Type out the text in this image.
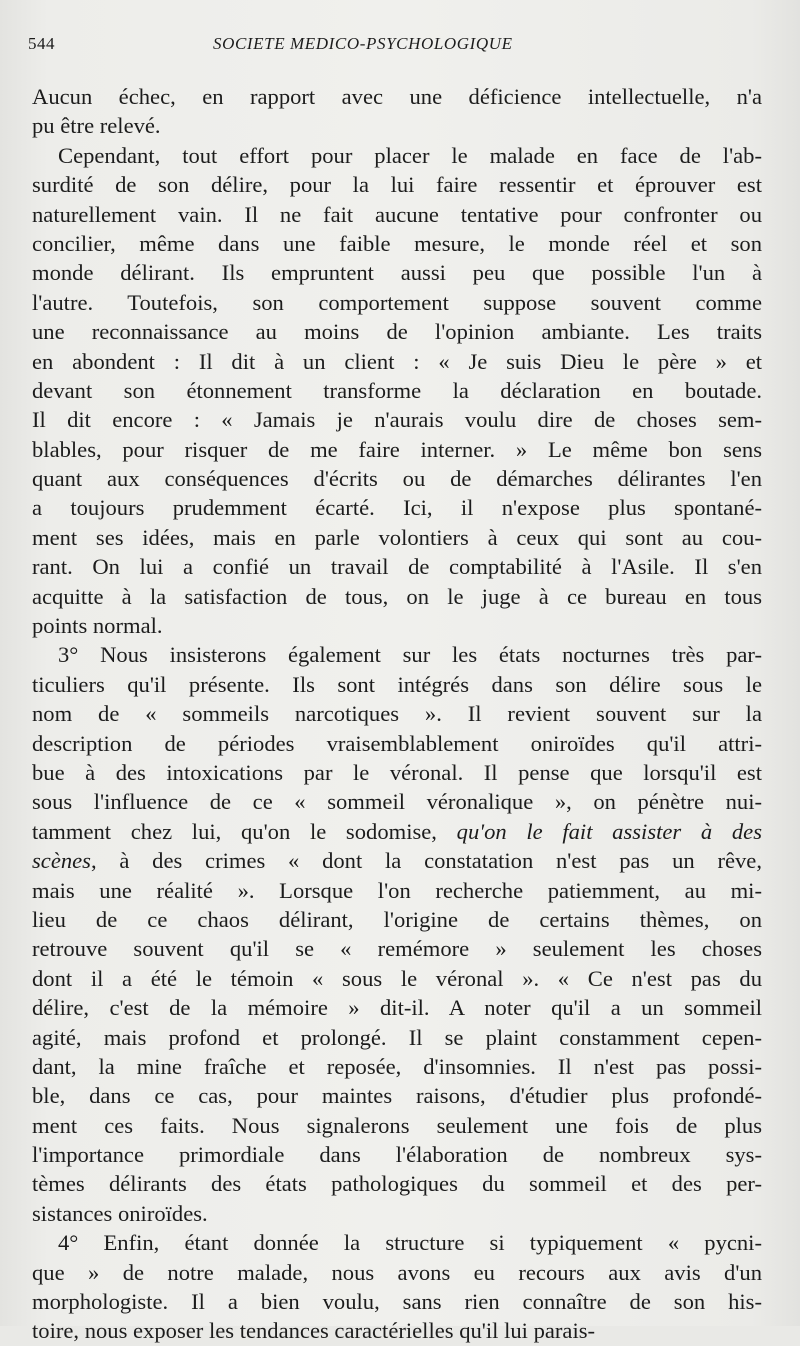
544	SOCIETE MEDICO-PSYCHOLOGIQUE
Aucun échec, en rapport avec une déficience intellectuelle, n'a
pu être relevé.
Cependant, tout effort pour placer le malade en face de l'ab-
surdité de son délire, pour la lui faire ressentir et éprouver est
naturellement vain. Il ne fait aucune tentative pour confronter ou
concilier, même dans une faible mesure, le monde réel et son
monde délirant. Ils empruntent aussi peu que possible l'un à
l'autre. Toutefois, son comportement suppose souvent comme
une reconnaissance au moins de l'opinion ambiante. Les traits
en abondent : Il dit à un client : « Je suis Dieu le père » et
devant son étonnement transforme la déclaration en boutade.
Il dit encore : « Jamais je n'aurais voulu dire de choses sem-
blables, pour risquer de me faire interner. » Le même bon sens
quant aux conséquences d'écrits ou de démarches délirantes l'en
a toujours prudemment écarté. Ici, il n'expose plus spontané-
ment ses idées, mais en parle volontiers à ceux qui sont au cou-
rant. On lui a confié un travail de comptabilité à l'Asile. Il s'en
acquitte à la satisfaction de tous, on le juge à ce bureau en tous
points normal.
3° Nous insisterons également sur les états nocturnes très par-
ticuliers qu'il présente. Ils sont intégrés dans son délire sous le
nom de « sommeils narcotiques ». Il revient souvent sur la
description de périodes vraisemblablement oniroïdes qu'il attri-
bue à des intoxications par le véronal. Il pense que lorsqu'il est
sous l'influence de ce « sommeil véronalique », on pénètre nui-
tamment chez lui, qu'on le sodomise, qu'on le fait assister à des
scènes, à des crimes « dont la constatation n'est pas un rêve,
mais une réalité ». Lorsque l'on recherche patiemment, au mi-
lieu de ce chaos délirant, l'origine de certains thèmes, on
retrouve souvent qu'il se « remémore » seulement les choses
dont il a été le témoin « sous le véronal ». « Ce n'est pas du
délire, c'est de la mémoire » dit-il. A noter qu'il a un sommeil
agité, mais profond et prolongé. Il se plaint constamment cepen-
dant, la mine fraîche et reposée, d'insomnies. Il n'est pas possi-
ble, dans ce cas, pour maintes raisons, d'étudier plus profondé-
ment ces faits. Nous signalerons seulement une fois de plus
l'importance primordiale dans l'élaboration de nombreux sys-
tèmes délirants des états pathologiques du sommeil et des per-
sistances oniroïdes.
4° Enfin, étant donnée la structure si typiquement « pycni-
que » de notre malade, nous avons eu recours aux avis d'un
morphologiste. Il a bien voulu, sans rien connaître de son his-
toire, nous exposer les tendances caractérielles qu'il lui parais-
